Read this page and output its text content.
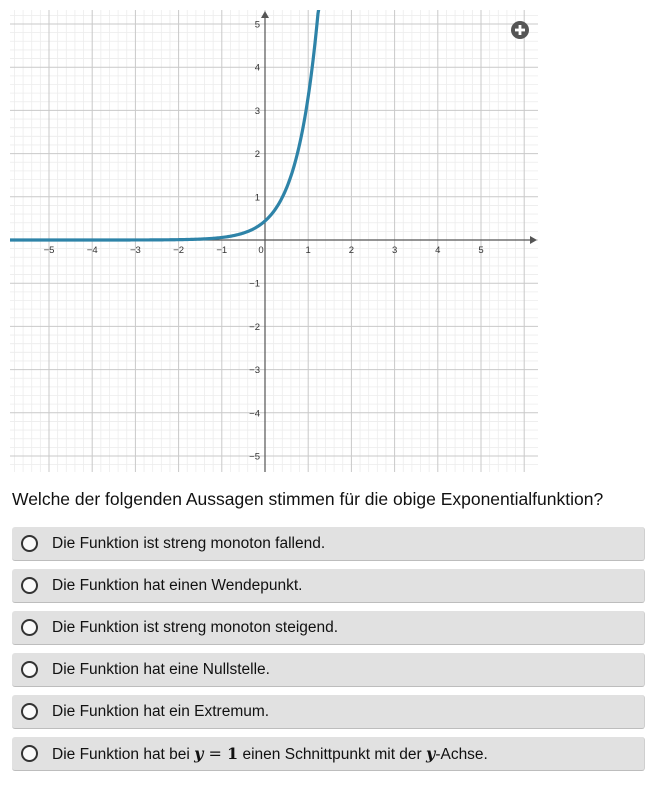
−5	−4	−3	−2	−1	0	1	2	3	4	5
5
4
3
2
1
−1
−2
−3
−4
−5
Welche der folgenden Aussagen stimmen für die obige Exponentialfunktion?
Die Funktion ist streng monoton fallend.
Die Funktion hat einen Wendepunkt.
Die Funktion ist streng monoton steigend.
Die Funktion hat eine Nullstelle.
Die Funktion hat ein Extremum.
Die Funktion hat bei y = 1 einen Schnittpunkt mit der y-Achse.
